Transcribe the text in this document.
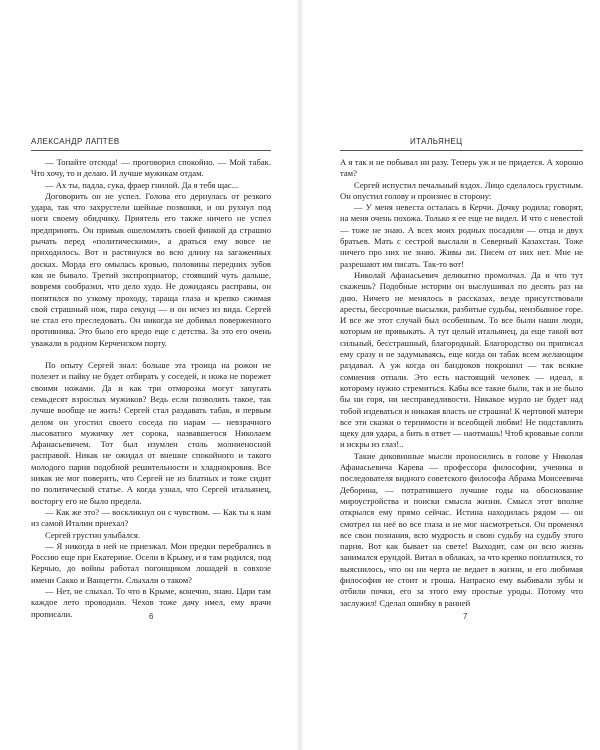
АЛЕКСАНДР ЛАПТЕВ

— Топайте отсюда! — проговорил спокойно. — Мой табак. Что хочу, то и делаю. И лучше мужикам отдам.

— Ах ты, падла, сука, фраер гнилой. Да я тебя щас...

Договорить он не успел. Голова его дернулась от резкого удара, так что захрустели шейные позвонки, и он рухнул под ноги своему обидчику. Приятель его также ничего не успел предпринять. Он привык ошеломлять своей финкой да страшно рычать перед «политическими», а драться ему вовсе не приходилось. Вот и растянулся во всю длину на загаженных досках. Морда его омылась кровью, половины передних зубов как не бывало. Третий экспроприатор, стоявший чуть дальше, вовремя сообразил, что дело худо. Не дожидаясь расправы, он попятился по узкому проходу, тараща глаза и крепко сжимая свой страшный нож, пара секунд — и он исчез из вида. Сергей не стал его преследовать. Он никогда не добивал поверженного противника. Это было его кредо еще с детства. За это его очень уважали в родном Керченском порту.

По опыту Сергей знал: больше эта троица на рожон не полезет и пайку не будет отбирать у соседей, и ножа не порежет своими ножами. Да и как три отморозка могут запугать семьдесят взрослых мужиков? Ведь если позволить такое, так лучше вообще не жить! Сергей стал раздавать табак, и первым делом он угостил своего соседа по нарам — невзрачного лысоватого мужичку лет сорока, назвавшегося Николаем Афанасьевичем. Тот был изумлен столь молниеносной расправой. Никак не ожидал от внешне спокойного и такого молодого парня подобной решительности и хладнокровия. Все никак не мог поверить, что Сергей не из блатных и тоже сидит по политической статье. А когда узнал, что Сергей итальянец, восторгу его не было предела.

— Как же это? — воскликнул он с чувством. — Как ты к нам из самой Италии приехал?

Сергей грустно улыбался.

— Я никогда в ней не приезжал. Мои предки перебрались в Россию еще при Екатерине. Осели в Крыму, и я там родился, под Керчью, до войны работал погонщиком лошадей в совхозе имени Сакко и Ванцетти. Слыхали о таком?

— Нет, не слыхал. То что в Крыме, конечно, знаю. Цари там каждое лето проводили. Чехов тоже дачу имел, ему врачи прописали.	6
ИТАЛЬЯНЕЦ

А я так и не побывал ни разу. Теперь уж и не придется. А хорошо там?

Сергей испустил печальный вздох. Лицо сделалось грустным. Он опустил голову и произнес в сторону:

— У меня невеста осталась в Керчи. Дочку родила; говорят, на меня очень похожа. Только я ее еще не видел. И что с невестой — тоже не знаю. А всех моих родных посадили — отца и двух братьев. Мать с сестрой выслали в Северный Казахстан. Тоже ничего про них не знаю. Живы ли. Писем от них нет. Мне не разрешают им писать. Так-то вот!

Николай Афанасьевич деликатно промолчал. Да и что тут скажешь? Подобные истории он выслушивал по десять раз на дню. Ничего не менялось в рассказах, везде присутствовали аресты, бессрочные высылки, разбитые судьбы, неизбывное горе. И все же этот случай был особенным. То все были наши люди, которым не привыкать. А тут целый итальянец, да еще такой вот сильный, бесстрашный, благородный. Благородство он приписал ему сразу и не задумываясь, еще когда он табак всем желающим раздавал. А уж когда он бандюков покрошил — так всякие сомнения отпали. Это есть настоящий человек — идеал, к которому нужно стремиться. Кабы все такие были, так и не было бы ни горя, ни несправедливости. Никакое мурло не будет над тобой издеваться и никакая власть не страшна! К чертовой матери все эти сказки о терпимости и всеобщей любви! Не подставлять щеку для удара, а бить в ответ — наотмашь! Чтоб кровавые сопли и искры из глаз!..

Такие диковинные мысли проносились в голове у Николая Афанасьевича Карева — профессора философии, ученика и последователя видного советского философа Абрама Моисеевича Деборина, — потратившего лучшие годы на обоснование мироустройства и поиски смысла жизни. Смысл этот вполне открылся ему прямо сейчас. Истина находилась рядом — он смотрел на неё во все глаза и не мог насмотреться. Он променял все свои познания, всю мудрость и свою судьбу на судьбу этого парня. Вот как бывает на свете! Выходит, сам он всю жизнь занимался ерундой. Витал в облаках, за что крепко поплатился, то выяснилось, что он ни черта не ведает в жизни, и его любимая философия не стоит и гроша. Напрасно ему выбивали зубы и отбили почки, его за этого ему простые уроды. Потому что заслужил! Сделал ошибку в ранней

7
